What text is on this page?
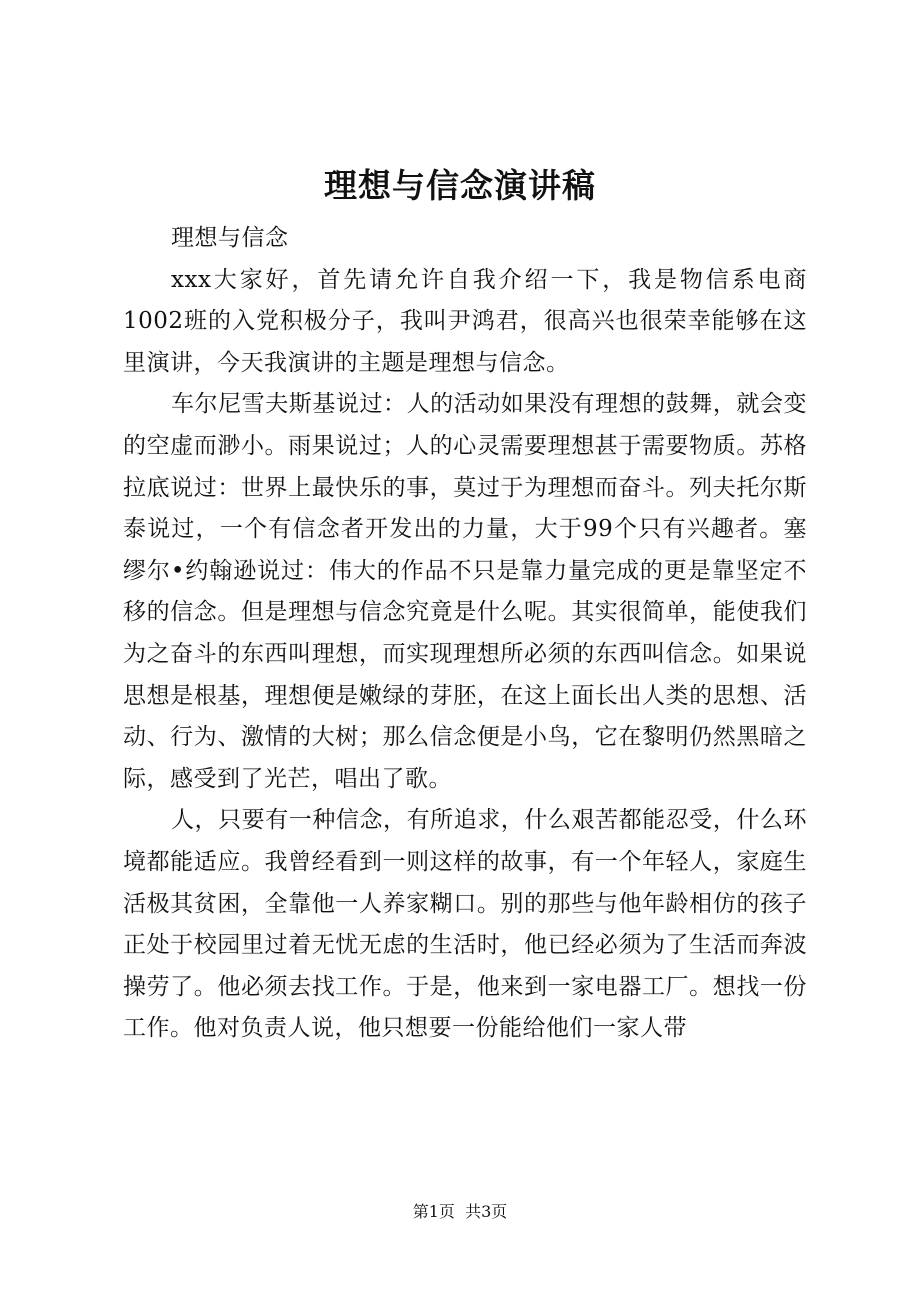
理想与信念演讲稿

理想与信念

xxx大家好，首先请允许自我介绍一下，我是物信系电商1002班的入党积极分子，我叫尹鸿君，很高兴也很荣幸能够在这里演讲，今天我演讲的主题是理想与信念。

车尔尼雪夫斯基说过：人的活动如果没有理想的鼓舞，就会变的空虚而渺小。雨果说过；人的心灵需要理想甚于需要物质。苏格拉底说过：世界上最快乐的事，莫过于为理想而奋斗。列夫托尔斯泰说过，一个有信念者开发出的力量，大于99个只有兴趣者。塞缪尔•约翰逊说过：伟大的作品不只是靠力量完成的更是靠坚定不移的信念。但是理想与信念究竟是什么呢。其实很简单，能使我们为之奋斗的东西叫理想，而实现理想所必须的东西叫信念。如果说思想是根基，理想便是嫩绿的芽胚，在这上面长出人类的思想、活动、行为、激情的大树；那么信念便是小鸟，它在黎明仍然黑暗之际，感受到了光芒，唱出了歌。

人，只要有一种信念，有所追求，什么艰苦都能忍受，什么环境都能适应。我曾经看到一则这样的故事，有一个年轻人，家庭生活极其贫困，全靠他一人养家糊口。别的那些与他年龄相仿的孩子正处于校园里过着无忧无虑的生活时，他已经必须为了生活而奔波操劳了。他必须去找工作。于是，他来到一家电器工厂。想找一份工作。他对负责人说，他只想要一份能给他们一家人带

第1页  共3页
